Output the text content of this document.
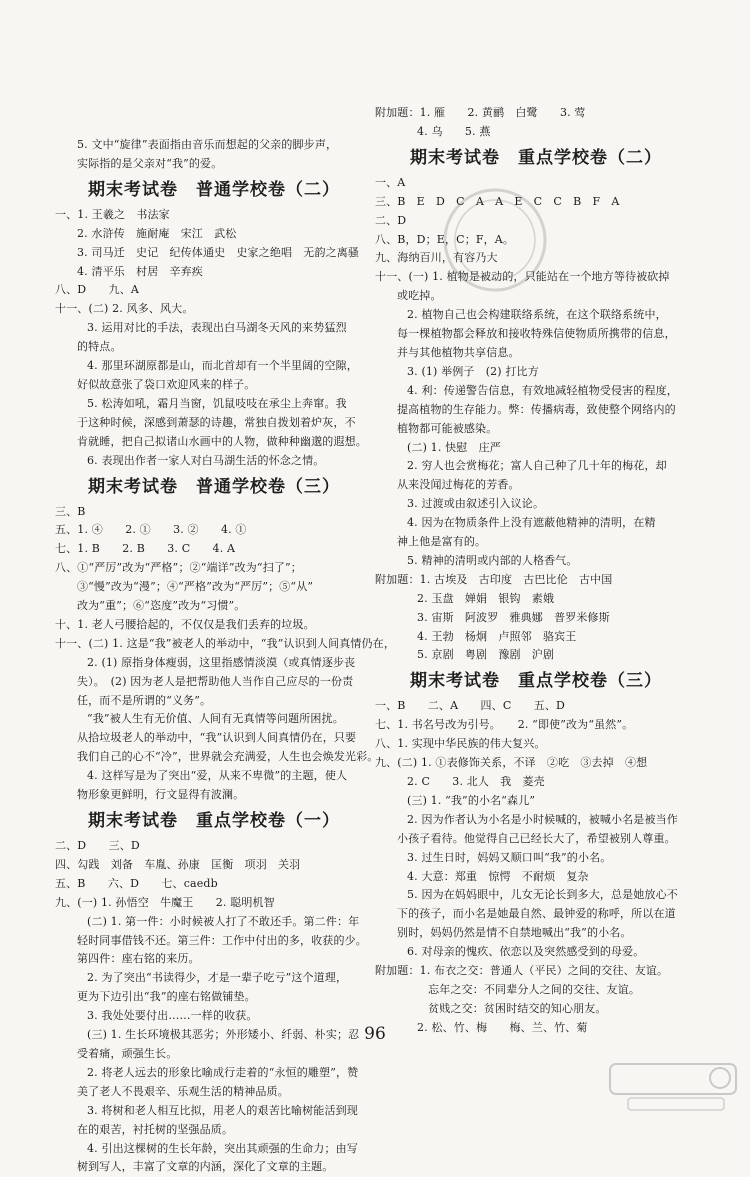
5. 文中“旋律”表面指由音乐而想起的父亲的脚步声，
实际指的是父亲对“我”的爱。
期末考试卷　普通学校卷（二）
一、1. 王羲之　书法家
2. 水浒传　施耐庵　宋江　武松
3. 司马迁　史记　纪传体通史　史家之绝唱　无韵之离骚
4. 清平乐　村居　辛弃疾
八、D　　九、A
十一、(二) 2. 风多、风大。
3. 运用对比的手法，表现出白马湖冬天风的来势猛烈
的特点。
4. 那里环湖原都是山，而北首却有一个半里阔的空隙，
好似故意张了袋口欢迎风来的样子。
5. 松涛如吼，霜月当窗，饥鼠吱吱在承尘上奔窜。我
于这种时候，深感到萧瑟的诗趣，常独自拨划着炉灰，不
肯就睡，把自己拟诸山水画中的人物，做种种幽邈的遐想。
6. 表现出作者一家人对白马湖生活的怀念之情。
期末考试卷　普通学校卷（三）
三、B
五、1. ④　　2. ①　　3. ②　　4. ①
七、1. B　　2. B　　3. C　　4. A
八、①“严厉”改为“严格”；②“端详”改为“扫了”；
③“慢”改为“漫”；④“严格”改为“严厉”；⑤“从”
改为“重”；⑥“恣度”改为“习惯”。
十、1. 老人弓腰拾起的，不仅仅是我们丢弃的垃圾。
十一、(二) 1. 这是“我”被老人的举动中，“我”认识到人间真情仍在，
2. (1) 原指身体瘦弱，这里指感情淡漠（或真情逐步丧
失）。　(2) 因为老人是把帮助他人当作自己应尽的一份责
任，而不是所谓的“义务”。
“我”被人生有无价值、人间有无真情等问题所困扰。
从拾垃圾老人的举动中，“我”认识到人间真情仍在，只要
我们自己的心不“冷”，世界就会充满爱，人生也会焕发光彩。
4. 这样写是为了突出“爱，从来不卑微”的主题，使人
物形象更鲜明，行文显得有波澜。
期末考试卷　重点学校卷（一）
二、D　　三、D
四、勾践　刘备　车胤、孙康　匡衡　项羽　关羽
五、B　　六、D　　七、caedb
九、(一) 1. 孙悟空　牛魔王　　2. 聪明机智
(二) 1. 第一件：小时候被人打了不敢还手。第二件：年
轻时同事借钱不还。第三件：工作中付出的多，收获的少。
第四件：座右铭的来历。
2. 为了突出“书读得少，才是一辈子吃亏”这个道理，
更为下边引出“我”的座右铭做铺垫。
3. 我处处要付出……一样的收获。
(三) 1. 生长环境极其恶劣；外形矮小、纤弱、朴实；忍
受着痛，顽强生长。
2. 将老人远去的形象比喻成行走着的“永恒的雕塑”，赞
美了老人不畏艰辛、乐观生活的精神品质。
3. 将树和老人相互比拟，用老人的艰苦比喻树能活到现
在的艰苦，衬托树的坚强品质。
4. 引出这棵树的生长年龄，突出其顽强的生命力；由写
树到写人，丰富了文章的内涵，深化了文章的主题。
附加题：1. 雁　　2. 黄鹂　白鹭　　3. 莺
4. 乌　　5. 燕
期末考试卷　重点学校卷（二）
一、A
三、B　E　D　C　A　A　E　C　C　B　F　A
二、D
八、B，D；E，C；F，A。
九、海纳百川，有容乃大
十一、(一) 1. 植物是被动的，只能站在一个地方等待被砍掉
或吃掉。
2. 植物自己也会构建联络系统，在这个联络系统中，
每一棵植物都会释放和接收特殊信使物质所携带的信息，
并与其他植物共享信息。
3. (1) 举例子　(2) 打比方
4. 利：传递警告信息，有效地减轻植物受侵害的程度，
提高植物的生存能力。弊：传播病毒，致使整个网络内的
植物都可能被感染。
(二) 1. 快慰　庄严
2. 穷人也会赏梅花；富人自己种了几十年的梅花，却
从来没闻过梅花的芳香。
3. 过渡或由叙述引入议论。
4. 因为在物质条件上没有遮蔽他精神的清明，在精
神上他是富有的。
5. 精神的清明或内部的人格香气。
附加题：1. 古埃及　古印度　古巴比伦　古中国
2. 玉盘　婵娟　银钩　素娥
3. 宙斯　阿波罗　雅典娜　普罗米修斯
4. 王勃　杨炯　卢照邻　骆宾王
5. 京剧　粤剧　豫剧　沪剧
期末考试卷　重点学校卷（三）
一、B　　二、A　　四、C　　五、D
七、1. 书名号改为引号。　　2. “即使”改为“虽然”。
八、1. 实现中华民族的伟大复兴。
九、(二) 1. ①表修饰关系，不译　②吃　③去掉　④想
2. C　　3. 北人　我　菱壳
(三) 1. “我”的小名“森儿”
2. 因为作者认为小名是小时候喊的，被喊小名是被当作
小孩子看待。他觉得自己已经长大了，希望被别人尊重。
3. 过生日时，妈妈又顺口叫“我”的小名。
4. 大意：郑重　惊愕　不耐烦　复杂
5. 因为在妈妈眼中，儿女无论长到多大，总是她放心不
下的孩子，而小名是她最自然、最钟爱的称呼，所以在道
别时，妈妈仍然是情不自禁地喊出“我”的小名。
6. 对母亲的愧疚、依恋以及突然感受到的母爱。
附加题：1. 布衣之交：普通人（平民）之间的交往、友谊。
　忘年之交：不同辈分人之间的交往、友谊。
　贫贱之交：贫困时结交的知心朋友。
2. 松、竹、梅　　梅、兰、竹、菊
96
